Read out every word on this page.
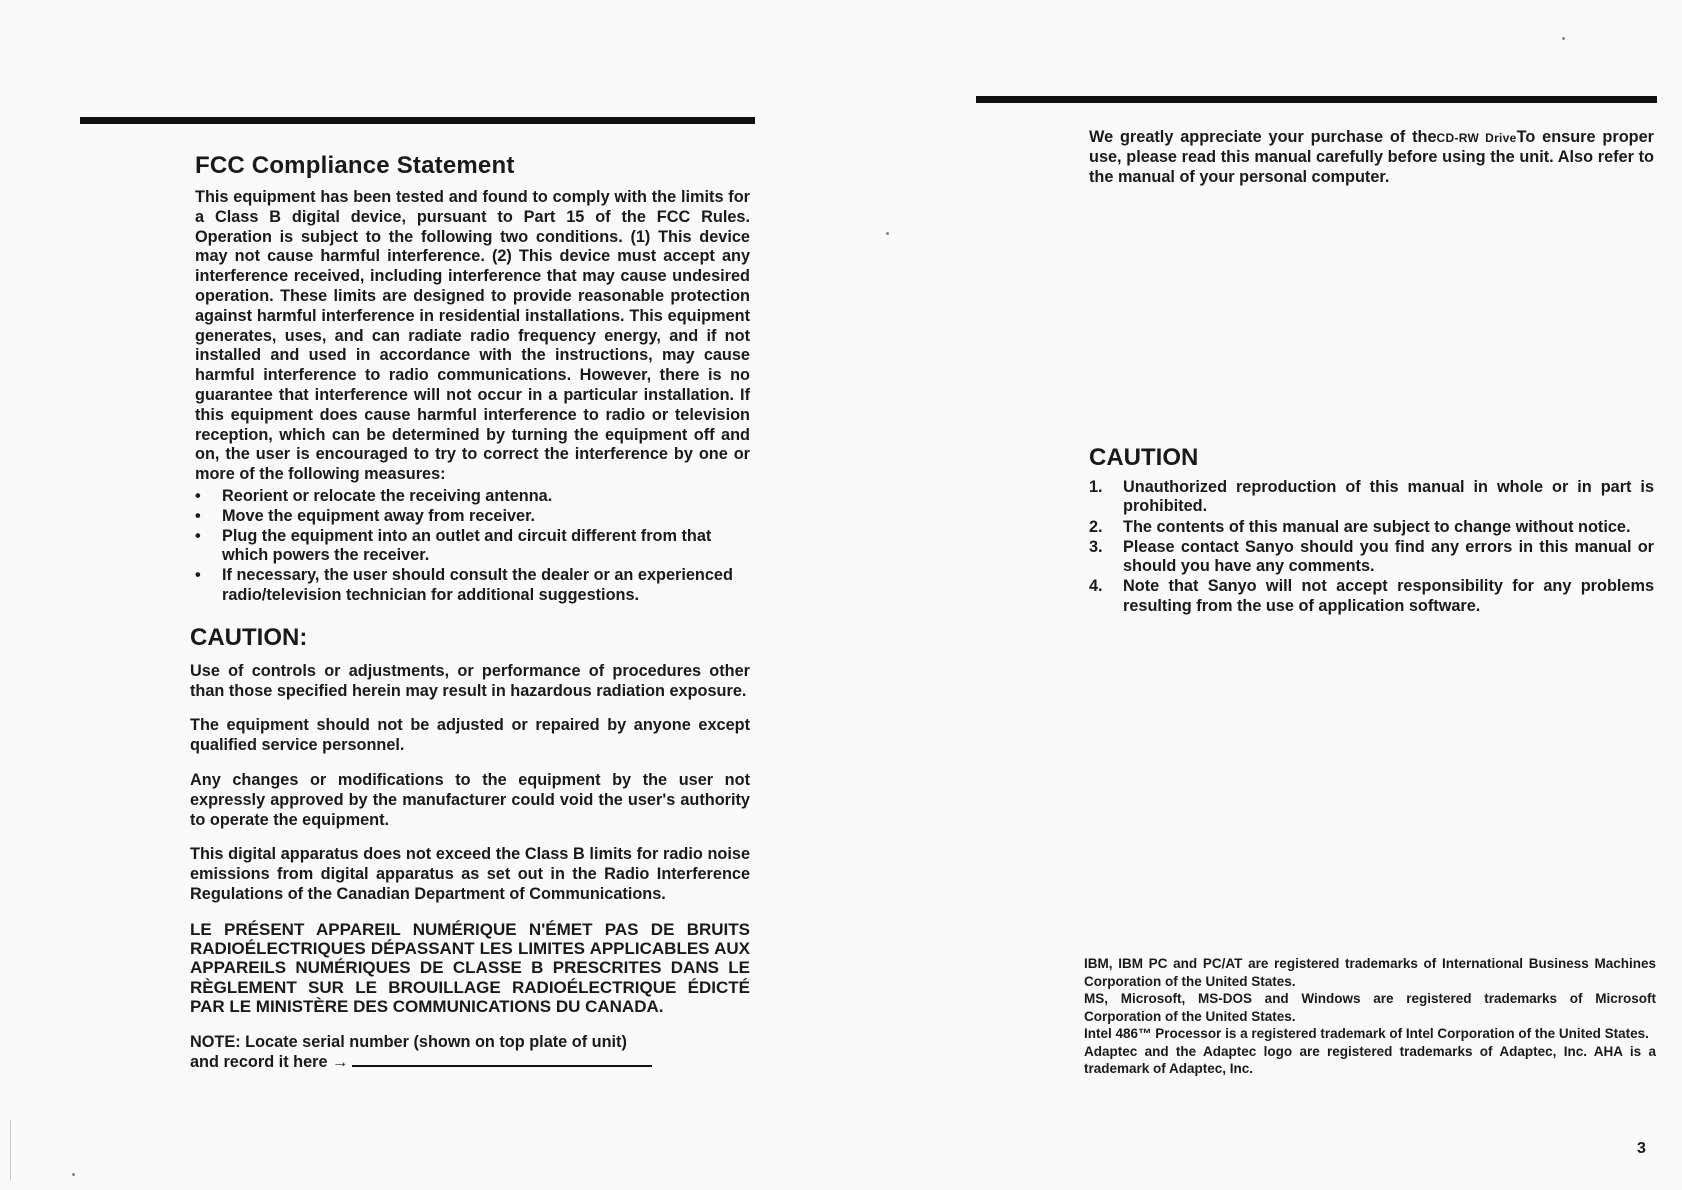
FCC Compliance Statement

This equipment has been tested and found to comply with the limits for a Class B digital device, pursuant to Part 15 of the FCC Rules. Operation is subject to the following two conditions. (1) This device may not cause harmful interference. (2) This device must accept any interference received, including interference that may cause undesired operation. These limits are designed to provide reasonable protection against harmful interference in residential installations. This equipment generates, uses, and can radiate radio frequency energy, and if not installed and used in accordance with the instructions, may cause harmful interference to radio communications. However, there is no guarantee that interference will not occur in a particular installation. If this equipment does cause harmful interference to radio or television reception, which can be determined by turning the equipment off and on, the user is encouraged to try to correct the interference by one or more of the following measures:

• Reorient or relocate the receiving antenna.
• Move the equipment away from receiver.
• Plug the equipment into an outlet and circuit different from that which powers the receiver.
• If necessary, the user should consult the dealer or an experienced radio/television technician for additional suggestions.
CAUTION:

Use of controls or adjustments, or performance of procedures other than those specified herein may result in hazardous radiation exposure.

The equipment should not be adjusted or repaired by anyone except qualified service personnel.

Any changes or modifications to the equipment by the user not expressly approved by the manufacturer could void the user's authority to operate the equipment.

This digital apparatus does not exceed the Class B limits for radio noise emissions from digital apparatus as set out in the Radio Interference Regulations of the Canadian Department of Communications.

LE PRÉSENT APPAREIL NUMÉRIQUE N'ÉMET PAS DE BRUITS RADIOÉLECTRIQUES DÉPASSANT LES LIMITES APPLICABLES AUX APPAREILS NUMÉRIQUES DE CLASSE B PRESCRITES DANS LE RÈGLEMENT SUR LE BROUILLAGE RADIOÉLECTRIQUE ÉDICTÉ PAR LE MINISTÈRE DES COMMUNICATIONS DU CANADA.
NOTE: Locate serial number (shown on top plate of unit)
and record it here →

We greatly appreciate your purchase of theCD-RW DriveTo ensure proper use, please read this manual carefully before using the unit. Also refer to the manual of your personal computer.

CAUTION
1. Unauthorized reproduction of this manual in whole or in part is prohibited.
2. The contents of this manual are subject to change without notice.
3. Please contact Sanyo should you find any errors in this manual or should you have any comments.
4. Note that Sanyo will not accept responsibility for any problems resulting from the use of application software.

IBM, IBM PC and PC/AT are registered trademarks of International Business Machines Corporation of the United States.

MS, Microsoft, MS-DOS and Windows are registered trademarks of Microsoft Corporation of the United States.

Intel 486™ Processor is a registered trademark of Intel Corporation of the United States.

Adaptec and the Adaptec logo are registered trademarks of Adaptec, Inc. AHA is a trademark of Adaptec, Inc.

3
